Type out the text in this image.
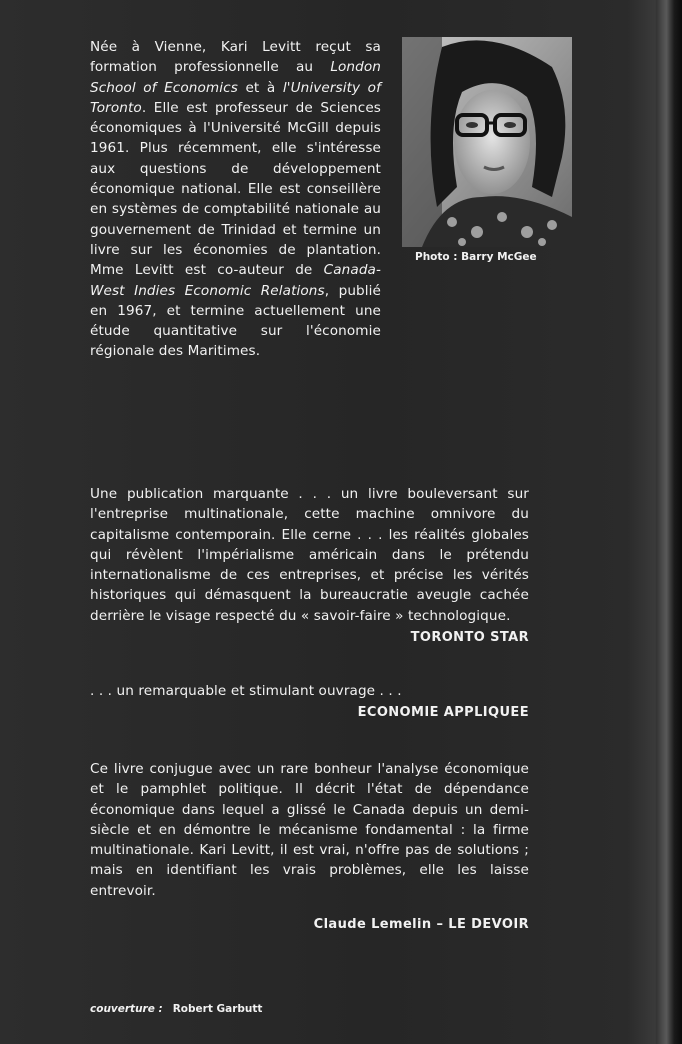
Née à Vienne, Kari Levitt reçut sa formation professionnelle au London School of Economics et à l'University of Toronto. Elle est professeur de Sciences économiques à l'Université McGill depuis 1961. Plus récemment, elle s'intéresse aux questions de développement économique national. Elle est conseillère en systèmes de comptabilité nationale au gouvernement de Trinidad et termine un livre sur les économies de plantation. Mme Levitt est co-auteur de Canada-West Indies Economic Relations, publié en 1967, et termine actuellement une étude quantitative sur l'économie régionale des Maritimes.

Photo : Barry McGee

Une publication marquante . . . un livre bouleversant sur l'entreprise multinationale, cette machine omnivore du capitalisme contemporain. Elle cerne . . . les réalités globales qui révèlent l'impérialisme américain dans le prétendu internationalisme de ces entreprises, et précise les vérités historiques qui démasquent la bureaucratie aveugle cachée derrière le visage respecté du « savoir-faire » technologique.

TORONTO STAR

. . . un remarquable et stimulant ouvrage . . .

ECONOMIE APPLIQUEE

Ce livre conjugue avec un rare bonheur l'analyse économique et le pamphlet politique. Il décrit l'état de dépendance économique dans lequel a glissé le Canada depuis un demi-siècle et en démontre le mécanisme fondamental : la firme multinationale. Kari Levitt, il est vrai, n'offre pas de solutions ; mais en identifiant les vrais problèmes, elle les laisse entrevoir.

Claude Lemelin – LE DEVOIR
couverture : Robert Garbutt
